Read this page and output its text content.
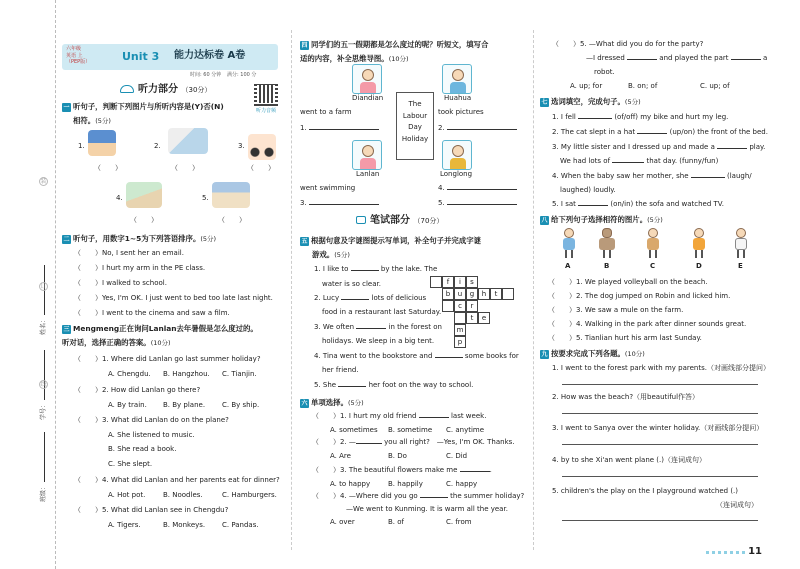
姓名：
学号：
班级：
装
订
线
六年级
英语 上
（PEP版）	Unit 3 能力达标卷 A卷
时间: 60 分钟 满分: 100 分
听力音频
听力部分 （30分）
一 听句子，判断下列图片与所听内容是(Y)否(N)
相符。(5分)
1.	2.	3.
（　　）	（　　）	（　　）
4.	5.
（　　）	（　　）
二 听句子，用数字1~5为下列答语排序。(5分)
（　　）No, I sent her an email.
（　　）I hurt my arm in the PE class.
（　　）I walked to school.
（　　）Yes, I'm OK. I just went to bed too late last night.
（　　）I went to the cinema and saw a film.
三 Mengmeng正在询问Lanlan去年暑假是怎么度过的。
听对话，选择正确的答案。(10分)
（　　）1. Where did Lanlan go last summer holiday?
A. Chengdu. B. Hangzhou. C. Tianjin.
（　　）2. How did Lanlan go there?
A. By train. B. By plane. C. By ship.
（　　）3. What did Lanlan do on the plane?
A. She listened to music.
B. She read a book.
C. She slept.
（　　）4. What did Lanlan and her parents eat for dinner?
A. Hot pot.	B. Noodles.	C. Hamburgers.
（　　）5. What did Lanlan see in Chengdu?
A. Tigers.	B. Monkeys. C. Pandas.
四 同学们的五一假期都是怎么度过的呢？听短文，填写合
适的内容，补全思维导图。(10分)
Diandian	Huahua
The
Labour
Day
Holiday
Lanlan	Longlong
went to a farm	took pictures
1.	2.
went swimming
3.
4.
5.
笔试部分 （70分）
五 根据句意及字谜图提示写单词，补全句子并完成字谜
游戏。(5分)
1. I like to	by the lake. The
water is so clear.
2. Lucy	lots of delicious
food in a restaurant last Saturday.
3. We often	in the forest on
holidays. We sleep in a big tent.
4. Tina went to the bookstore and	some books for
her friend.
5. She	her foot on the way to school.
f	i	s
b	u	g	h	t
c	r
t	e
m
p
六 单项选择。(5分)
（　　）1. I hurt my old friend	last week.
A. sometimes B. sometime C. anytime
（　　）2. —	you all right?　—Yes, I'm OK. Thanks.
A. Are	B. Do	C. Did
（　　）3. The beautiful flowers make me	.
A. to happy	B. happily	C. happy
（　　）4. —Where did you go	the summer holiday?
—We went to Kunming. It is warm all the year.
A. over	B. of	C. from
（　　）5. —What did you do for the party?
—I dressed	and played the part	a
robot.
A. up; for	B. on; of	C. up; of
七 选词填空，完成句子。(5分)
1. I fell	(of/off) my bike and hurt my leg.
2. The cat slept in a hat	(up/on) the front of the bed.
3. My little sister and I dressed up and made a	play.
We had lots of	that day. (funny/fun)
4. When the baby saw her mother, she	(laugh/
laughed) loudly.
5. I sat	(on/in) the sofa and watched TV.
八 给下列句子选择相符的图片。(5分)
A	B	C	D	E
（　　）1. We played volleyball on the beach.
（　　）2. The dog jumped on Robin and licked him.
（　　）3. We saw a mule on the farm.
（　　）4. Walking in the park after dinner sounds great.
（　　）5. Tianlian hurt his arm last Sunday.
九 按要求完成下列各题。(10分)
1. I went to the forest park with my parents.（对画线部分提问）
2. How was the beach?（用beautiful作答）
3. I went to Sanya over the winter holiday.（对画线部分提问）
4. by to she Xi'an went plane (.)（连词成句）
5. children's the play on the I playground watched (.)
（连词成句）
11
